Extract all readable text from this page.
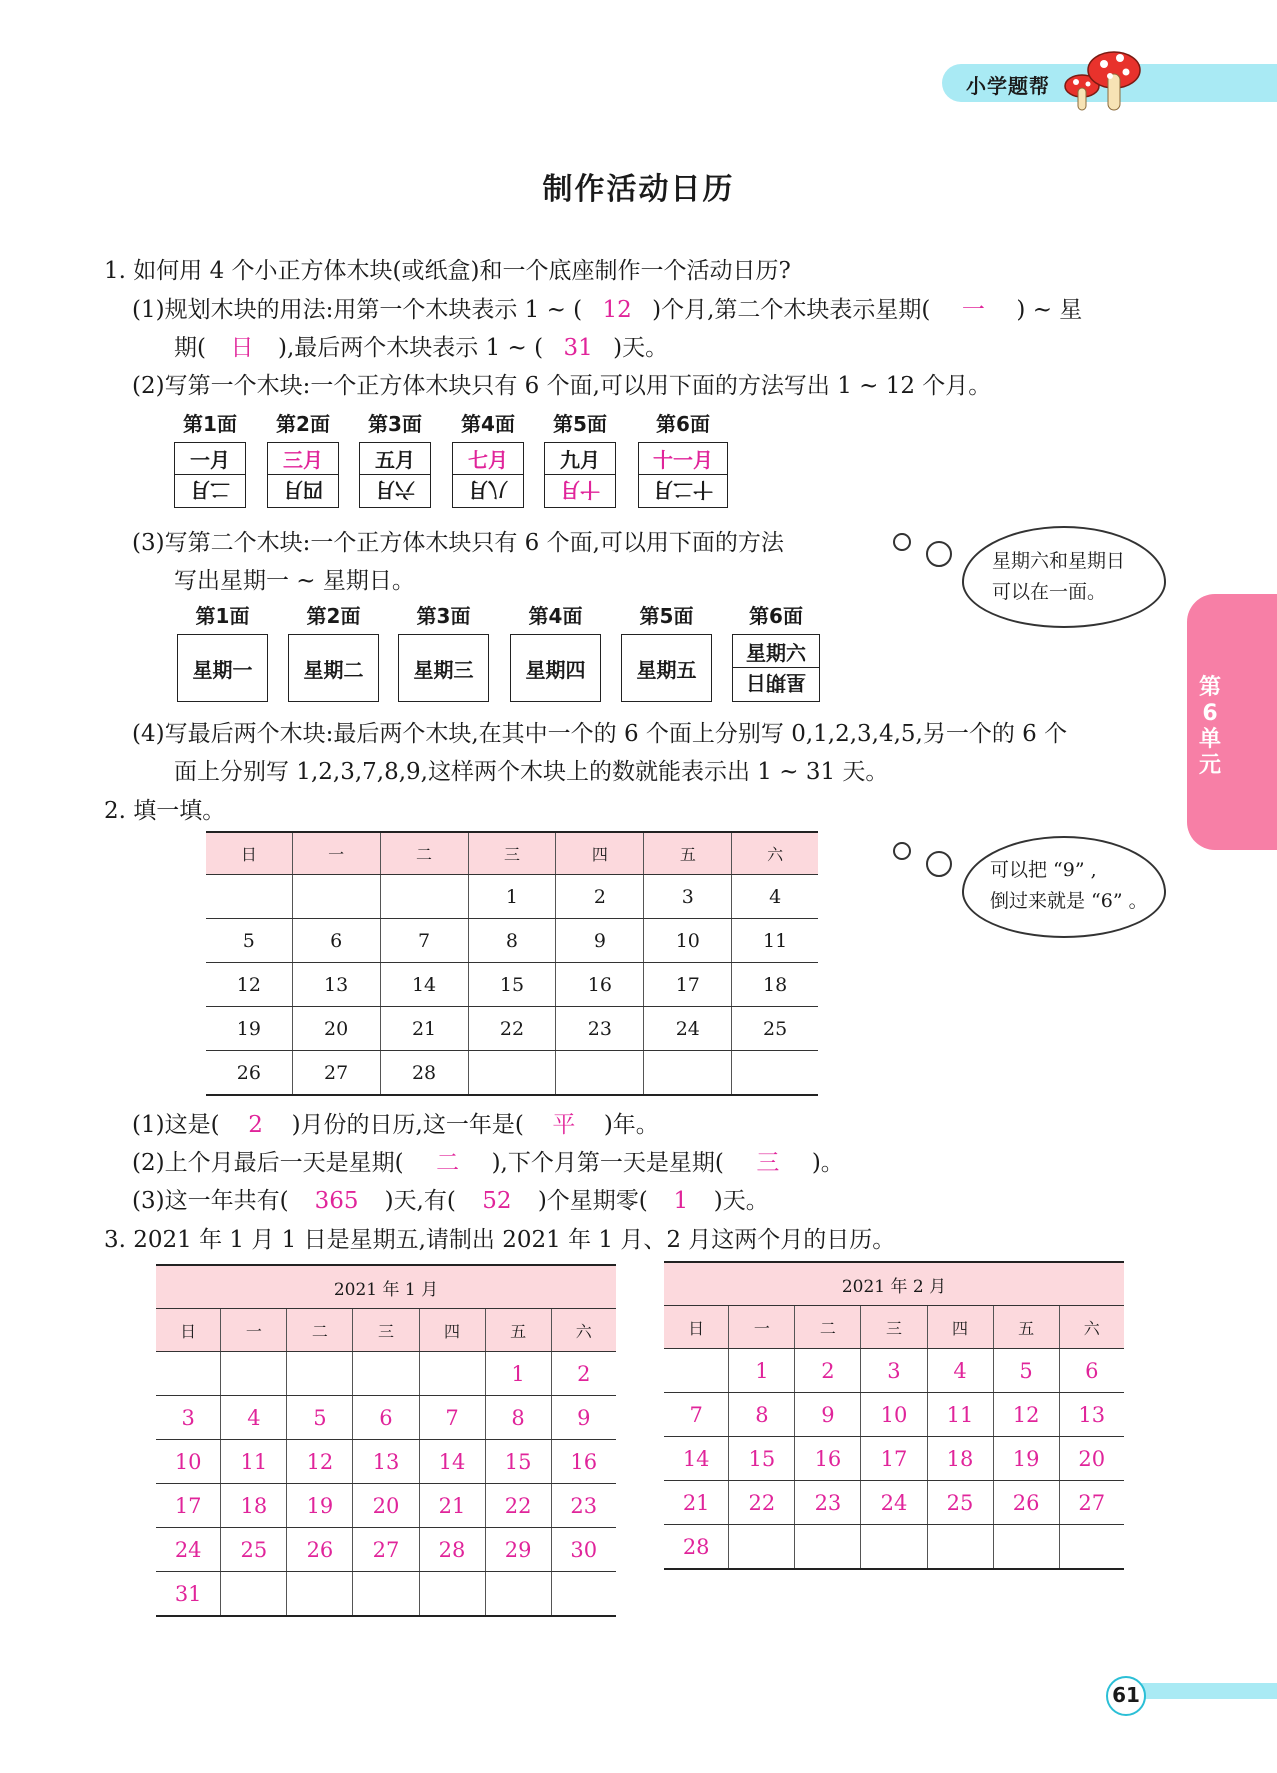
小学题帮
制作活动日历
1. 如何用 4 个小正方体木块(或纸盒)和一个底座制作一个活动日历?
(1)规划木块的用法:用第一个木块表示 1 ~ ( 12 )个月,第二个木块表示星期( 一 ) ~ 星
期( 日 ),最后两个木块表示 1 ~ ( 31 )天。
(2)写第一个木块:一个正方体木块只有 6 个面,可以用下面的方法写出 1 ~ 12 个月。
第1面
一月
二月
第2面
三月
四月
第3面
五月
六月
第4面
七月
八月
第5面
九月
十月
第6面
十一月
十二月
(3)写第二个木块:一个正方体木块只有 6 个面,可以用下面的方法
写出星期一 ~ 星期日。
星期六和星期日
可以在一面。
第1面
星期一
第2面
星期二
第3面
星期三
第4面
星期四
第5面
星期五
第6面
星期六
星期日
(4)写最后两个木块:最后两个木块,在其中一个的 6 个面上分别写 0,1,2,3,4,5,另一个的 6 个
面上分别写 1,2,3,7,8,9,这样两个木块上的数就能表示出 1 ~ 31 天。
第6单元
2. 填一填。
日	一	二	三	四	五	六
			1	2	3	4
5	6	7	8	9	10	11
12	13	14	15	16	17	18
19	20	21	22	23	24	25
26	27	28				
可以把 “9” ,
倒过来就是 “6” 。
(1)这是( 2 )月份的日历,这一年是( 平 )年。
(2)上个月最后一天是星期( 二 ),下个月第一天是星期( 三 )。
(3)这一年共有( 365 )天,有( 52 )个星期零( 1 )天。
3. 2021 年 1 月 1 日是星期五,请制出 2021 年 1 月、2 月这两个月的日历。
2021 年 1 月						
日	一	二	三	四	五	六
					1	2
3	4	5	6	7	8	9
10	11	12	13	14	15	16
17	18	19	20	21	22	23
24	25	26	27	28	29	30
31						
2021 年 2 月						
日	一	二	三	四	五	六
	1	2	3	4	5	6
7	8	9	10	11	12	13
14	15	16	17	18	19	20
21	22	23	24	25	26	27
28						
61
